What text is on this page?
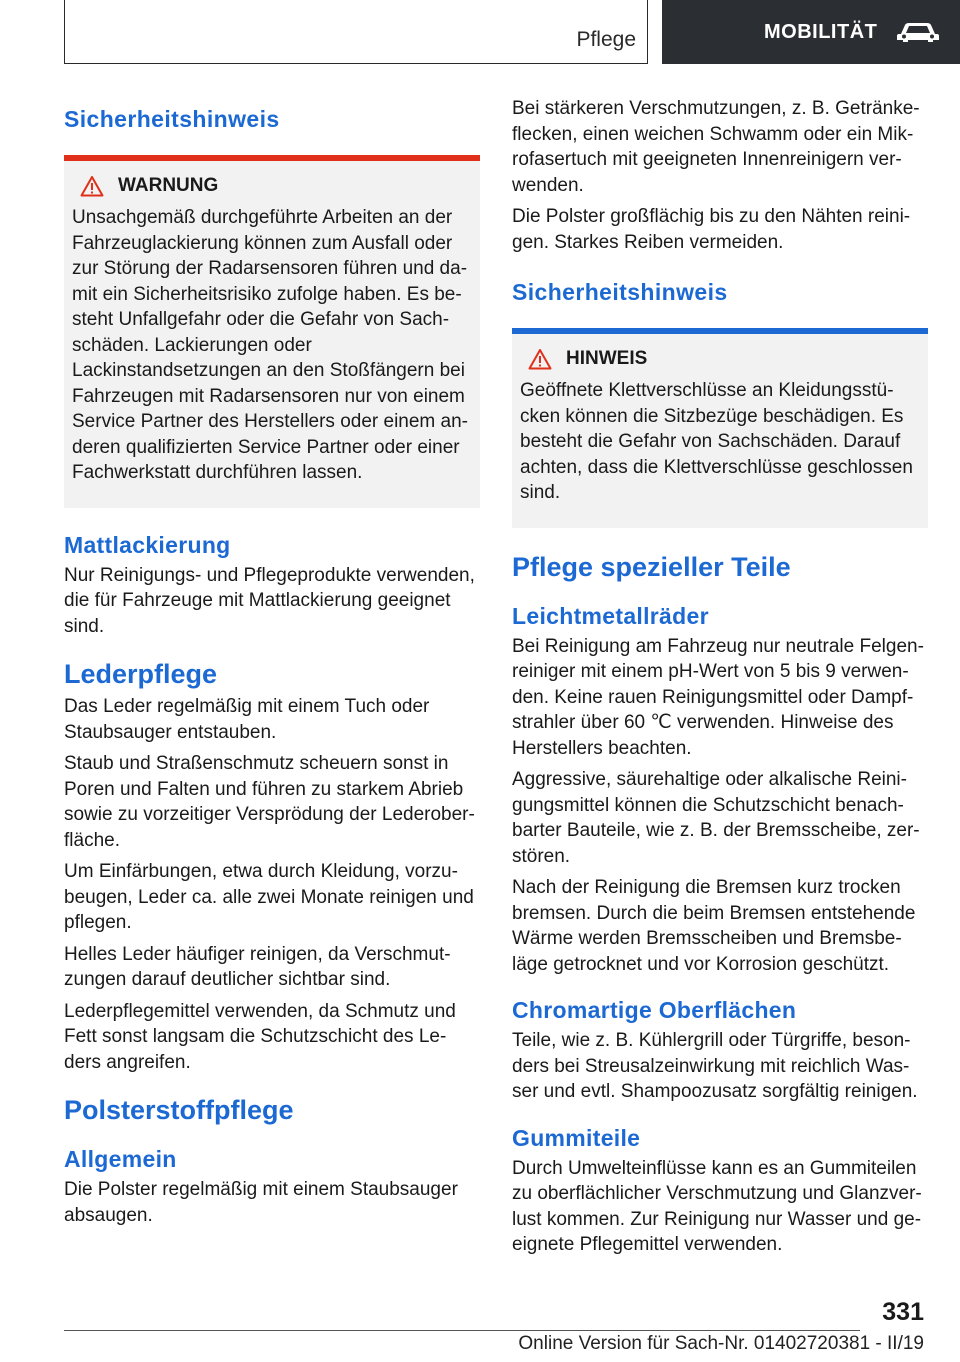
Pflege	MOBILITÄT
Sicherheitshinweis
WARNUNG

Unsachgemäß durchgeführte Arbeiten an der Fahrzeuglackierung können zum Ausfall oder zur Störung der Radarsensoren führen und da-mit ein Sicherheitsrisiko zufolge haben. Es be-steht Unfallgefahr oder die Gefahr von Sach-schäden. Lackierungen oder Lackinstandsetzungen an den Stoßfängern bei Fahrzeugen mit Radarsensoren nur von einem Service Partner des Herstellers oder einem an-deren qualifizierten Service Partner oder einer Fachwerkstatt durchführen lassen.

Mattlackierung

Nur Reinigungs- und Pflegeprodukte verwenden, die für Fahrzeuge mit Mattlackierung geeignet sind.

Lederpflege

Das Leder regelmäßig mit einem Tuch oder Staubsauger entstauben.

Staub und Straßenschmutz scheuern sonst in Poren und Falten und führen zu starkem Abrieb sowie zu vorzeitiger Versprödung der Lederober-fläche.

Um Einfärbungen, etwa durch Kleidung, vorzu-beugen, Leder ca. alle zwei Monate reinigen und pflegen.

Helles Leder häufiger reinigen, da Verschmut-zungen darauf deutlicher sichtbar sind.

Lederpflegemittel verwenden, da Schmutz und Fett sonst langsam die Schutzschicht des Le-ders angreifen.

Polsterstoffpflege
Allgemein

Die Polster regelmäßig mit einem Staubsauger absaugen.

Bei stärkeren Verschmutzungen, z. B. Getränke-flecken, einen weichen Schwamm oder ein Mik-rofasertuch mit geeigneten Innenreinigern ver-wenden.

Die Polster großflächig bis zu den Nähten reini-gen. Starkes Reiben vermeiden.

Sicherheitshinweis
HINWEIS

Geöffnete Klettverschlüsse an Kleidungsstü-cken können die Sitzbezüge beschädigen. Es besteht die Gefahr von Sachschäden. Darauf achten, dass die Klettverschlüsse geschlossen sind.

Pflege spezieller Teile
Leichtmetallräder

Bei Reinigung am Fahrzeug nur neutrale Felgen-reiniger mit einem pH-Wert von 5 bis 9 verwen-den. Keine rauen Reinigungsmittel oder Dampf-strahler über 60 ℃ verwenden. Hinweise des Herstellers beachten.

Aggressive, säurehaltige oder alkalische Reini-gungsmittel können die Schutzschicht benach-barter Bauteile, wie z. B. der Bremsscheibe, zer-stören.

Nach der Reinigung die Bremsen kurz trocken bremsen. Durch die beim Bremsen entstehende Wärme werden Bremsscheiben und Bremsbe-läge getrocknet und vor Korrosion geschützt.

Chromartige Oberflächen

Teile, wie z. B. Kühlergrill oder Türgriffe, beson-ders bei Streusalzeinwirkung mit reichlich Was-ser und evtl. Shampoozusatz sorgfältig reinigen.

Gummiteile

Durch Umwelteinflüsse kann es an Gummiteilen zu oberflächlicher Verschmutzung und Glanzver-lust kommen. Zur Reinigung nur Wasser und ge-eignete Pflegemittel verwenden.

331
Online Version für Sach-Nr. 01402720381 - II/19
